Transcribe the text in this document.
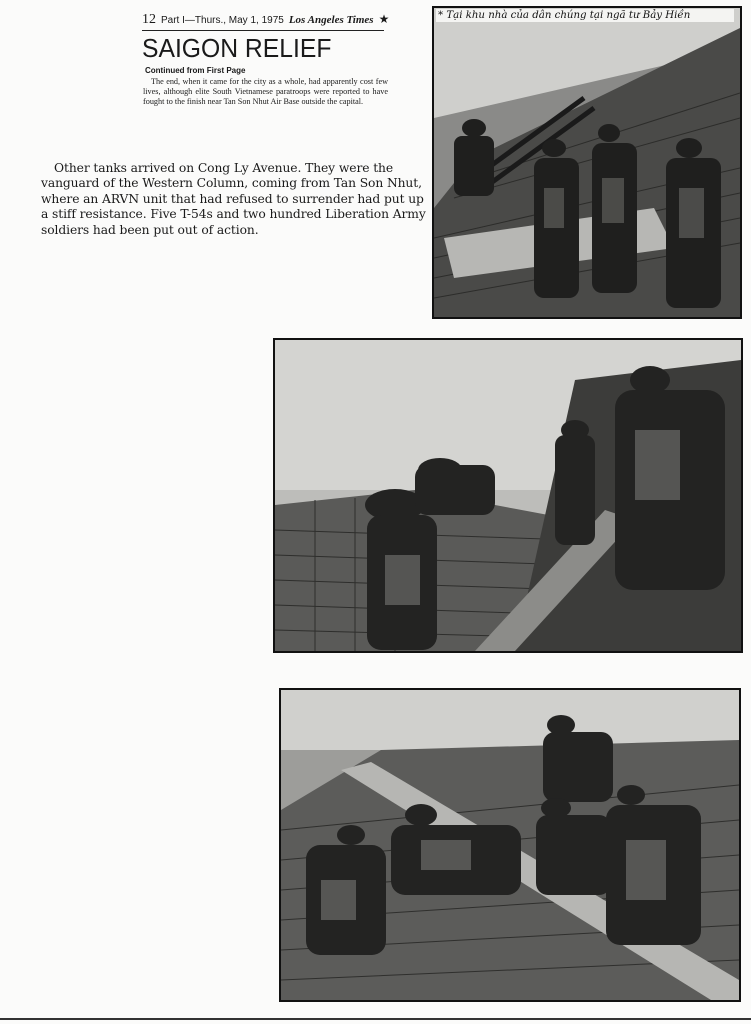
12 Part I—Thurs., May 1, 1975 Los Angeles Times ★
SAIGON RELIEF
Continued from First Page
The end, when it came for the city as a whole, had apparently cost few lives, although elite South Vietnamese paratroops were reported to have fought to the finish near Tan Son Nhut Air Base outside the capital.
Other tanks arrived on Cong Ly Avenue. They were the vanguard of the Western Column, coming from Tan Son Nhut, where an ARVN unit that had refused to surrender had put up a stiff resistance. Five T-54s and two hundred Liberation Army soldiers had been put out of action.
* Tại khu nhà của dân chúng tại ngã tư Bảy Hiền
